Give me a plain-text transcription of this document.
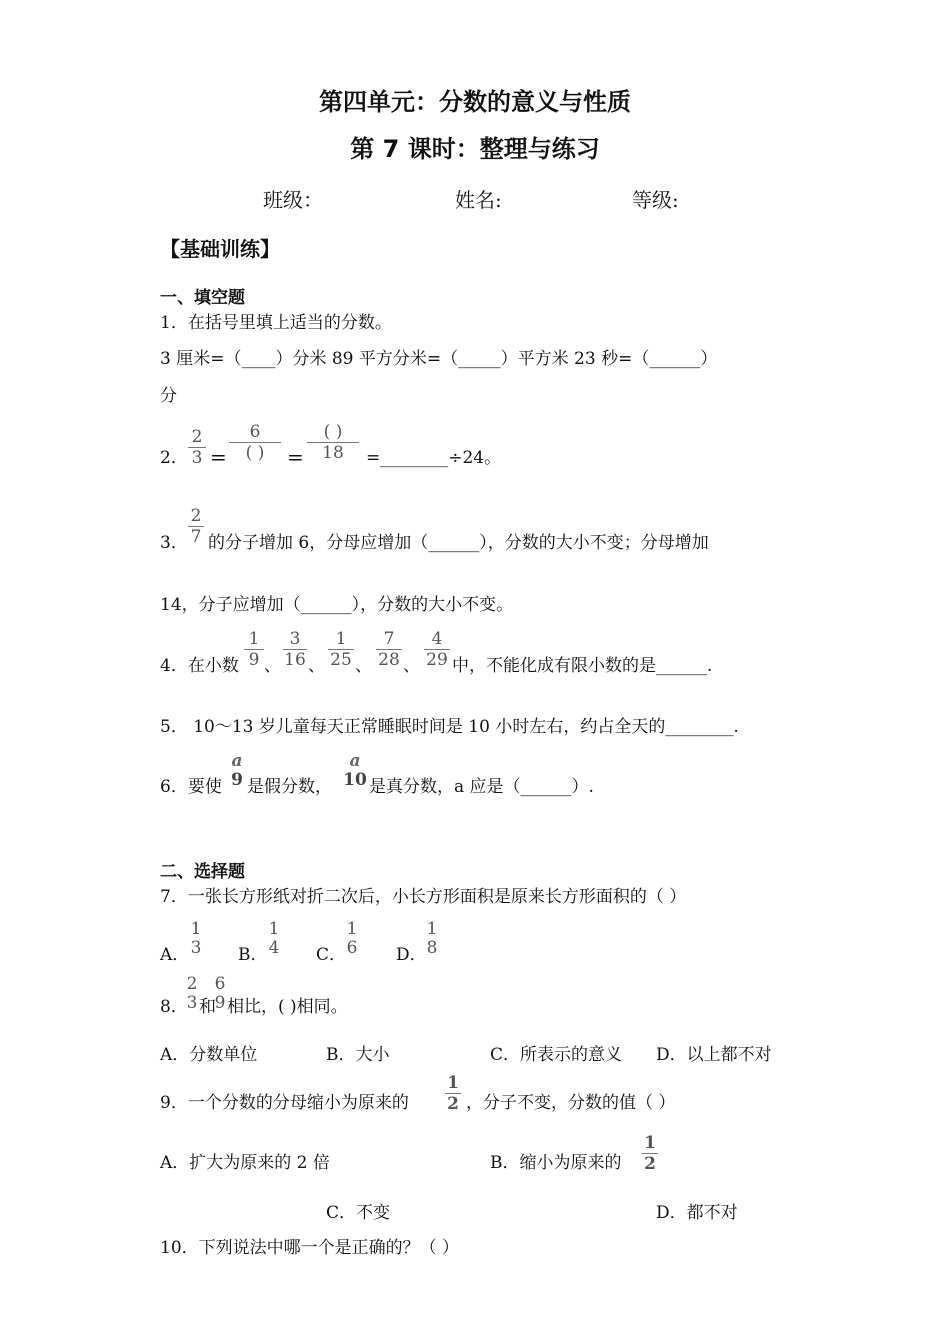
第四单元：分数的意义与性质
第 7 课时：整理与练习
班级：	姓名:	等级:
【基础训练】
一、填空题
1．在括号里填上适当的分数。
3 厘米=（____）分米 89 平方分米=（_____）平方米 23 秒=（______）
分
2．
2
3 =
6
( )	=
( )
18	=________÷24。
3．
2
7 的分子增加 6，分母应增加（______），分数的大小不变；分母增加
14，分子应增加（______），分数的大小不变。
4．在小数
1
9 、
3
16 、
1
25 、
7
28 、
4
29 中，不能化成有限小数的是______.
5． 10～13 岁儿童每天正常睡眠时间是 10 小时左右，约占全天的________.
6．要使
a
9 是假分数，
a
10 是真分数，a 应是（______）.
二、选择题
7．一张长方形纸对折二次后，小长方形面积是原来长方形面积的（ ）
A．
1
3 B．
1
4 C．
1
6 D．
1
8
8．
2
3 和
6
9 相比，( )相同。
A．分数单位	B．大小	C．所表示的意义 D．以上都不对
9．一个分数的分母缩小为原来的
1
2 ，分子不变，分数的值（ ）
A．扩大为原来的 2 倍	B．缩小为原来的
1
2
C．不变	D．都不对
10．下列说法中哪一个是正确的？（ ）
